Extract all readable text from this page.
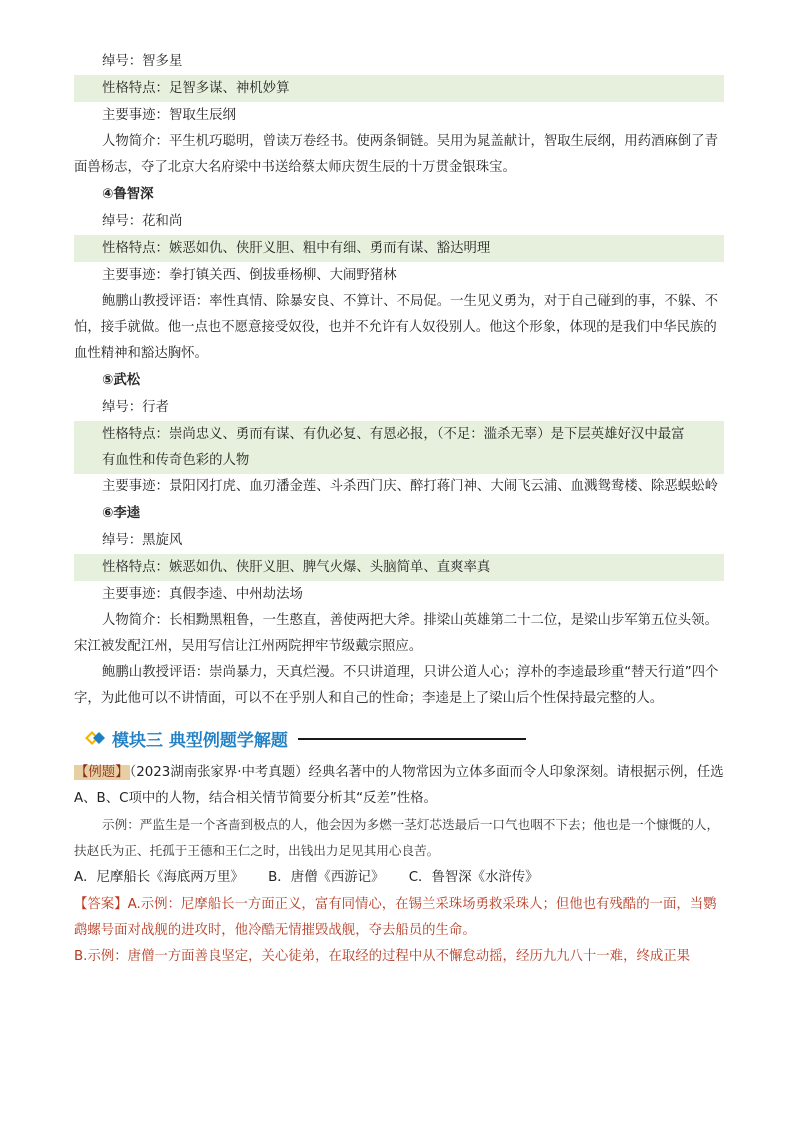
绰号：智多星
性格特点：足智多谋、神机妙算
主要事迹：智取生辰纲
人物简介：平生机巧聪明，曾读万卷经书。使两条铜链。吴用为晁盖献计，智取生辰纲，用药酒麻倒了青面兽杨志，夺了北京大名府梁中书送给蔡太师庆贺生辰的十万贯金银珠宝。
④鲁智深
绰号：花和尚
性格特点：嫉恶如仇、侠肝义胆、粗中有细、勇而有谋、豁达明理
主要事迹：拳打镇关西、倒拔垂杨柳、大闹野猪林
鲍鹏山教授评语：率性真情、除暴安良、不算计、不局促。一生见义勇为，对于自己碰到的事，不躲、不怕，接手就做。他一点也不愿意接受奴役，也并不允许有人奴役别人。他这个形象，体现的是我们中华民族的血性精神和豁达胸怀。
⑤武松
绰号：行者
性格特点：崇尚忠义、勇而有谋、有仇必复、有恩必报，（不足：滥杀无辜）是下层英雄好汉中最富
有血性和传奇色彩的人物
主要事迹：景阳冈打虎、血刃潘金莲、斗杀西门庆、醉打蒋门神、大闹飞云浦、血溅鸳鸯楼、除恶蜈蚣岭
⑥李逵
绰号：黑旋风
性格特点：嫉恶如仇、侠肝义胆、脾气火爆、头脑简单、直爽率真
主要事迹：真假李逵、中州劫法场
人物简介：长相黝黑粗鲁，一生憨直，善使两把大斧。排梁山英雄第二十二位，是梁山步军第五位头领。宋江被发配江州，吴用写信让江州两院押牢节级戴宗照应。
鲍鹏山教授评语：崇尚暴力，天真烂漫。不只讲道理，只讲公道人心；淳朴的李逵最珍重“替天行道”四个字，为此他可以不讲情面，可以不在乎别人和自己的性命；李逵是上了梁山后个性保持最完整的人。
模块三 典型例题学解题
【例题】（2023湖南张家界·中考真题）经典名著中的人物常因为立体多面而令人印象深刻。请根据示例，任选A、B、C项中的人物，结合相关情节简要分析其“反差”性格。
示例：严监生是一个吝啬到极点的人，他会因为多燃一茎灯芯迭最后一口气也咽不下去；他也是一个慷慨的人，扶赵氏为正、托孤于王德和王仁之时，出钱出力足见其用心良苦。
A．尼摩船长《海底两万里》 B．唐僧《西游记》 C．鲁智深《水浒传》
【答案】A.示例：尼摩船长一方面正义，富有同情心，在锡兰采珠场勇救采珠人；但他也有残酷的一面，当鹦鹉螺号面对战舰的进攻时，他冷酷无情摧毁战舰，夺去船员的生命。
B.示例：唐僧一方面善良坚定，关心徒弟，在取经的过程中从不懈怠动摇，经历九九八十一难，终成正果
